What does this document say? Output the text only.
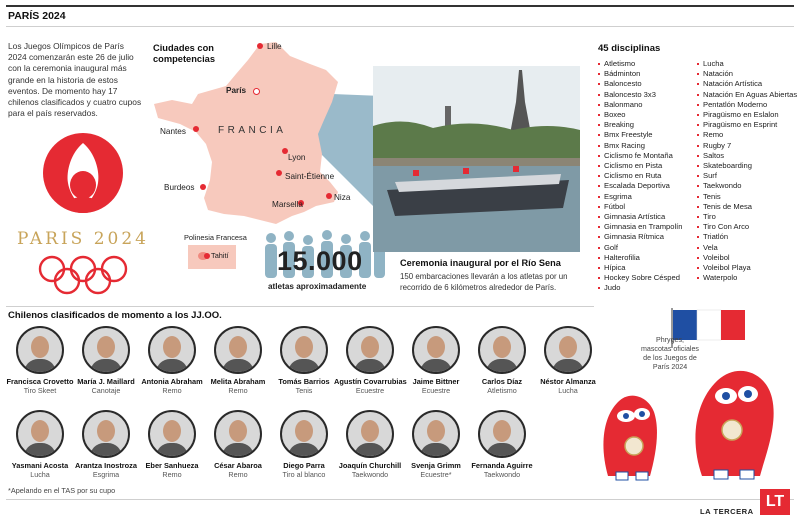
PARÍS 2024
Los Juegos Olímpicos de París 2024 comenzarán este 26 de julio con la ceremonia inaugural más grande en la historia de estos eventos. De momento hay 17 chilenos clasificados y cuatro cupos para el país reservados.
PARIS 2024
Ciudades con competencias
Lille
París
Nantes	FRANCIA
Lyon
Saint-Étienne
Burdeos
Niza
Marsella
Polinesia Francesa
Tahití 15.000
atletas aproximadamente
Ceremonia inaugural por el Río Sena
150 embarcaciones llevarán a los atletas por un recorrido de 6 kilómetros alrededor de París.
45 disciplinas
Atletismo
Bádminton
Baloncesto
Baloncesto 3x3
Balonmano
Boxeo
Breaking
Bmx Freestyle
Bmx Racing
Ciclismo fe Montaña
Ciclismo en Pista
Ciclismo en Ruta
Escalada Deportiva
Esgrima
Fútbol
Gimnasia Artística
Gimnasia en Trampolín
Gimnasia Rítmica
Golf
Halterofilia
Hípica
Hockey Sobre Césped
Judo
Lucha
Natación
Natación Artística
Natación En Aguas Abiertas
Pentatlón Moderno
Piragüismo en Eslalon
Piragüismo en Esprint
Remo
Rugby 7
Saltos
Skateboarding
Surf
Taekwondo
Tenis
Tenis de Mesa
Tiro
Tiro Con Arco
Triatlón
Vela
Voleibol
Voleibol Playa
Waterpolo
Chilenos clasificados de momento a los JJ.OO.
Francisca Crovetto
Tiro Skeet
María J. Maillard
Canotaje
Antonia Abraham
Remo
Melita Abraham
Remo
Tomás Barrios
Tenis
Agustín Covarrubias
Ecuestre
Jaime Bittner
Ecuestre
Carlos Díaz
Atletismo
Néstor Almanza
Lucha
Yasmani Acosta
Lucha
Arantza Inostroza
Esgrima
Eber Sanhueza
Remo
César Abaroa
Remo
Diego Parra
Tiro al blanco
Joaquín Churchill
Taekwondo
Svenja Grimm
Ecuestre*
Fernanda Aguirre
Taekwondo
Phryges, mascotas oficiales de los Juegos de París 2024
*Apelando en el TAS por su cupo
LT
LA TERCERA
